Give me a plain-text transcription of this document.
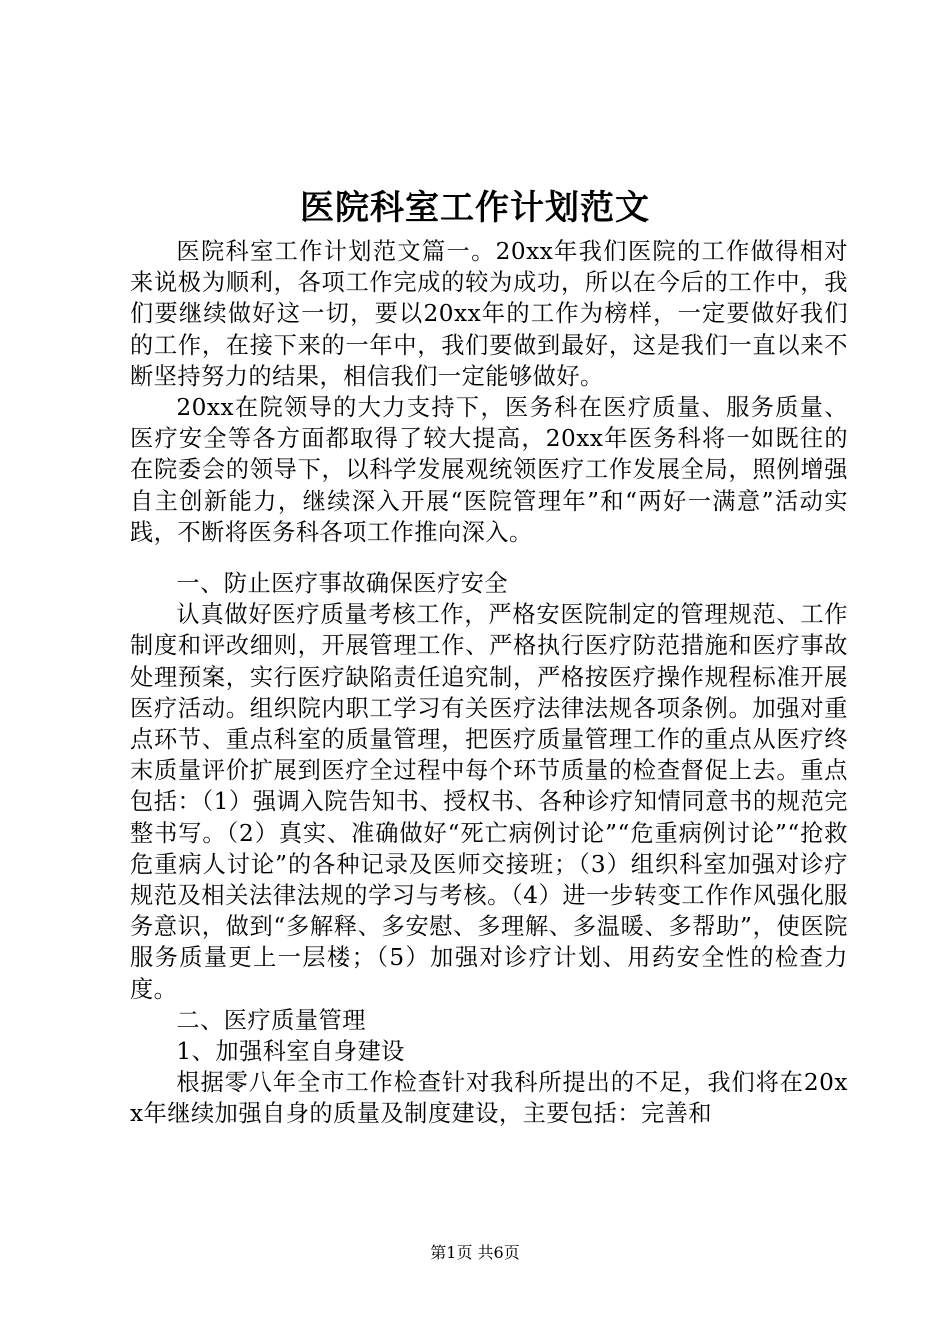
医院科室工作计划范文

医院科室工作计划范文篇一。20xx年我们医院的工作做得相对来说极为顺利，各项工作完成的较为成功，所以在今后的工作中，我们要继续做好这一切，要以20xx年的工作为榜样，一定要做好我们的工作，在接下来的一年中，我们要做到最好，这是我们一直以来不断坚持努力的结果，相信我们一定能够做好。

20xx在院领导的大力支持下，医务科在医疗质量、服务质量、医疗安全等各方面都取得了较大提高，20xx年医务科将一如既往的在院委会的领导下，以科学发展观统领医疗工作发展全局，照例增强自主创新能力，继续深入开展“医院管理年”和“两好一满意”活动实践，不断将医务科各项工作推向深入。

一、防止医疗事故确保医疗安全

认真做好医疗质量考核工作，严格安医院制定的管理规范、工作制度和评改细则，开展管理工作、严格执行医疗防范措施和医疗事故处理预案，实行医疗缺陷责任追究制，严格按医疗操作规程标准开展医疗活动。组织院内职工学习有关医疗法律法规各项条例。加强对重点环节、重点科室的质量管理，把医疗质量管理工作的重点从医疗终末质量评价扩展到医疗全过程中每个环节质量的检查督促上去。重点包括：（1）强调入院告知书、授权书、各种诊疗知情同意书的规范完整书写。（2）真实、准确做好“死亡病例讨论”“危重病例讨论”“抢救危重病人讨论”的各种记录及医师交接班；（3）组织科室加强对诊疗规范及相关法律法规的学习与考核。（4）进一步转变工作作风强化服务意识，做到“多解释、多安慰、多理解、多温暖、多帮助”，使医院服务质量更上一层楼；（5）加强对诊疗计划、用药安全性的检查力度。

二、医疗质量管理

1、加强科室自身建设

根据零八年全市工作检查针对我科所提出的不足，我们将在20xx年继续加强自身的质量及制度建设，主要包括：完善和

第1页 共6页
